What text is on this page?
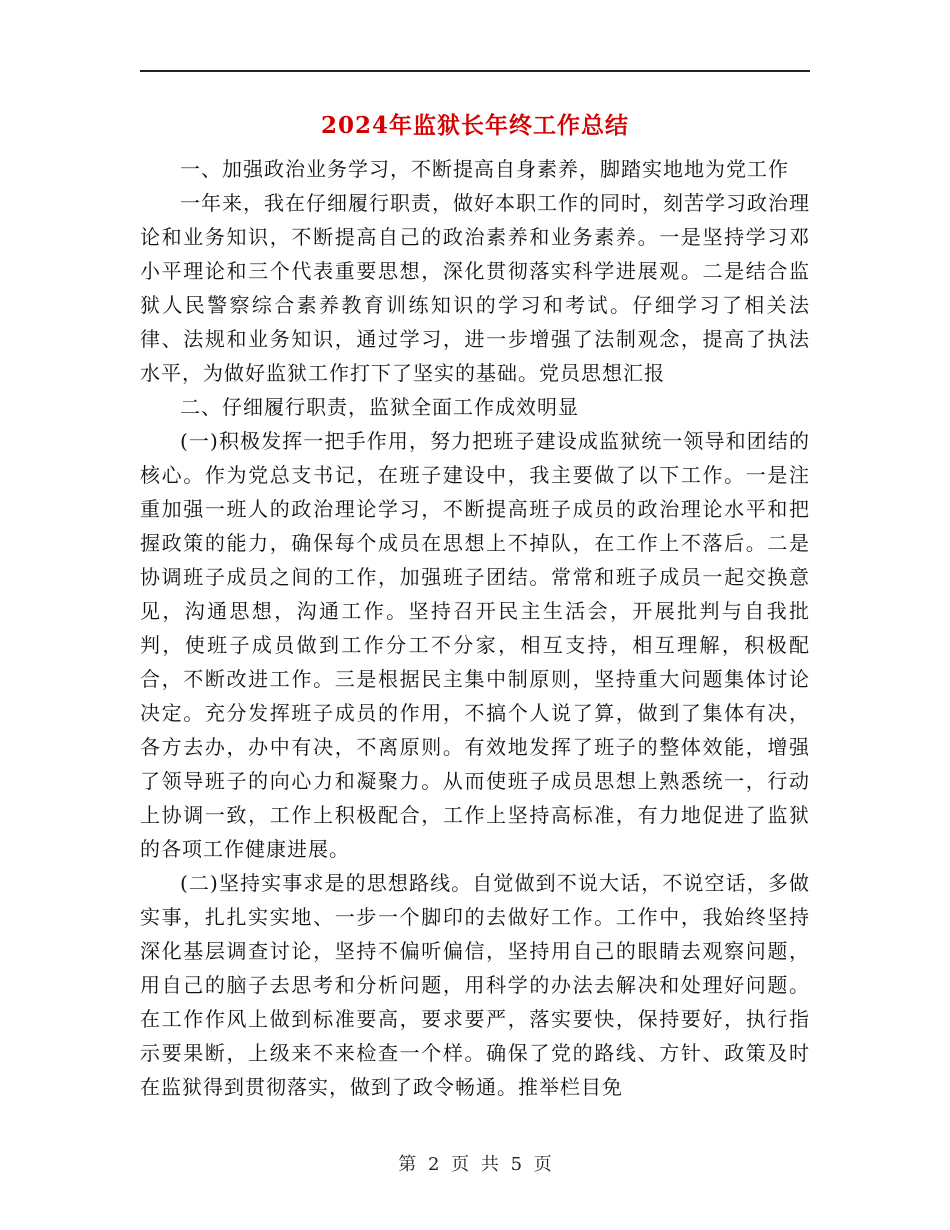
2024年监狱长年终工作总结

一、加强政治业务学习，不断提高自身素养，脚踏实地地为党工作

一年来，我在仔细履行职责，做好本职工作的同时，刻苦学习政治理论和业务知识，不断提高自己的政治素养和业务素养。一是坚持学习邓小平理论和三个代表重要思想，深化贯彻落实科学进展观。二是结合监狱人民警察综合素养教育训练知识的学习和考试。仔细学习了相关法律、法规和业务知识，通过学习，进一步增强了法制观念，提高了执法水平，为做好监狱工作打下了坚实的基础。党员思想汇报

二、仔细履行职责，监狱全面工作成效明显

(一)积极发挥一把手作用，努力把班子建设成监狱统一领导和团结的核心。作为党总支书记，在班子建设中，我主要做了以下工作。一是注重加强一班人的政治理论学习，不断提高班子成员的政治理论水平和把握政策的能力，确保每个成员在思想上不掉队，在工作上不落后。二是协调班子成员之间的工作，加强班子团结。常常和班子成员一起交换意见，沟通思想，沟通工作。坚持召开民主生活会，开展批判与自我批判，使班子成员做到工作分工不分家，相互支持，相互理解，积极配合，不断改进工作。三是根据民主集中制原则，坚持重大问题集体讨论决定。充分发挥班子成员的作用，不搞个人说了算，做到了集体有决，各方去办，办中有决，不离原则。有效地发挥了班子的整体效能，增强了领导班子的向心力和凝聚力。从而使班子成员思想上熟悉统一，行动上协调一致，工作上积极配合，工作上坚持高标准，有力地促进了监狱的各项工作健康进展。

(二)坚持实事求是的思想路线。自觉做到不说大话，不说空话，多做实事，扎扎实实地、一步一个脚印的去做好工作。工作中，我始终坚持深化基层调查讨论，坚持不偏听偏信，坚持用自己的眼睛去观察问题，用自己的脑子去思考和分析问题，用科学的办法去解决和处理好问题。在工作作风上做到标准要高，要求要严，落实要快，保持要好，执行指示要果断，上级来不来检查一个样。确保了党的路线、方针、政策及时在监狱得到贯彻落实，做到了政令畅通。推举栏目免

第 2 页 共 5 页
